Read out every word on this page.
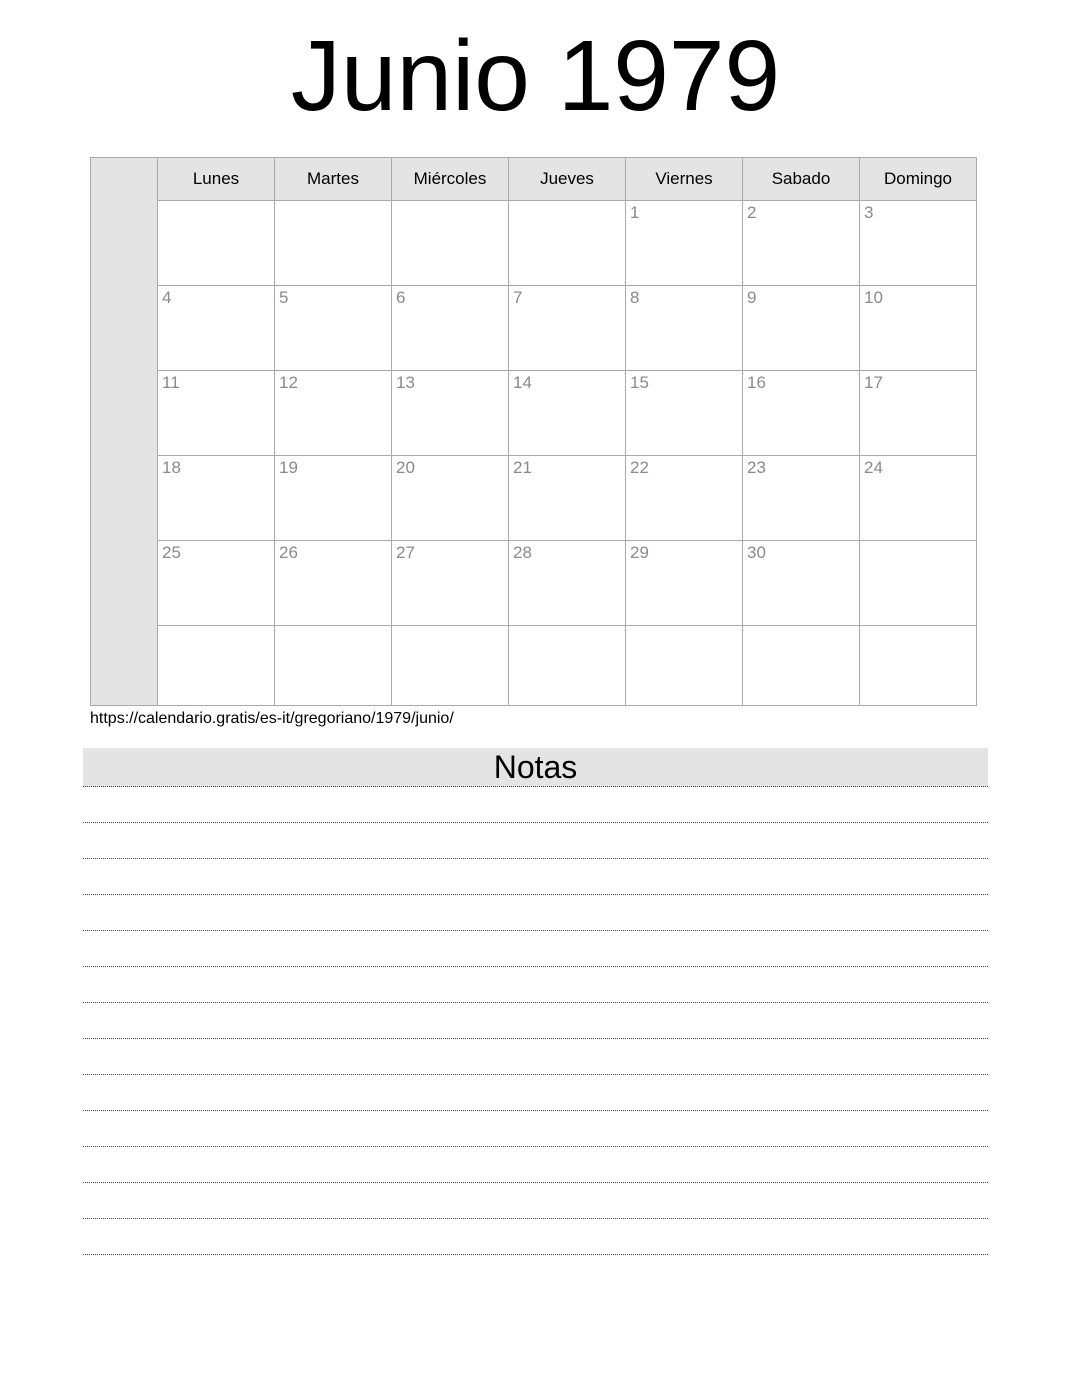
Junio 1979
	Lunes	Martes	Miércoles	Jueves	Viernes	Sabado	Domingo
					1	2	3
	4	5	6	7	8	9	10
	11	12	13	14	15	16	17
	18	19	20	21	22	23	24
	25	26	27	28	29	30	

https://calendario.gratis/es-it/gregoriano/1979/junio/
Notas
